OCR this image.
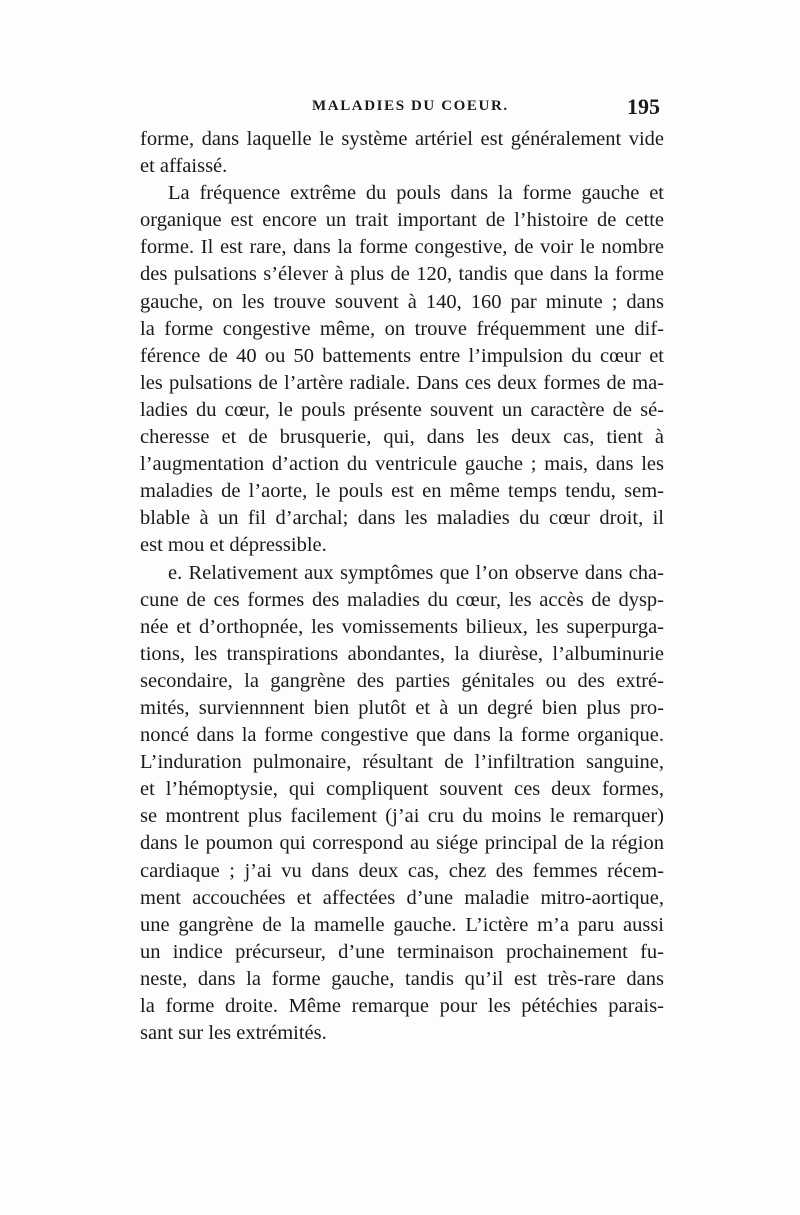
MALADIES DU COEUR.	195
forme, dans laquelle le système artériel est généralement vide
et affaissé.
La fréquence extrême du pouls dans la forme gauche et
organique est encore un trait important de l’histoire de cette
forme. Il est rare, dans la forme congestive, de voir le nombre
des pulsations s’élever à plus de 120, tandis que dans la forme
gauche, on les trouve souvent à 140, 160 par minute ; dans
la forme congestive même, on trouve fréquemment une dif-
férence de 40 ou 50 battements entre l’impulsion du cœur et
les pulsations de l’artère radiale. Dans ces deux formes de ma-
ladies du cœur, le pouls présente souvent un caractère de sé-
cheresse et de brusquerie, qui, dans les deux cas, tient à
l’augmentation d’action du ventricule gauche ; mais, dans les
maladies de l’aorte, le pouls est en même temps tendu, sem-
blable à un fil d’archal; dans les maladies du cœur droit, il
est mou et dépressible.
e. Relativement aux symptômes que l’on observe dans cha-
cune de ces formes des maladies du cœur, les accès de dysp-
née et d’orthopnée, les vomissements bilieux, les superpurga-
tions, les transpirations abondantes, la diurèse, l’albuminurie
secondaire, la gangrène des parties génitales ou des extré-
mités, surviennnent bien plutôt et à un degré bien plus pro-
noncé dans la forme congestive que dans la forme organique.
L’induration pulmonaire, résultant de l’infiltration sanguine,
et l’hémoptysie, qui compliquent souvent ces deux formes,
se montrent plus facilement (j’ai cru du moins le remarquer)
dans le poumon qui correspond au siége principal de la région
cardiaque ; j’ai vu dans deux cas, chez des femmes récem-
ment accouchées et affectées d’une maladie mitro-aortique,
une gangrène de la mamelle gauche. L’ictère m’a paru aussi
un indice précurseur, d’une terminaison prochainement fu-
neste, dans la forme gauche, tandis qu’il est très-rare dans
la forme droite. Même remarque pour les pétéchies parais-
sant sur les extrémités.
